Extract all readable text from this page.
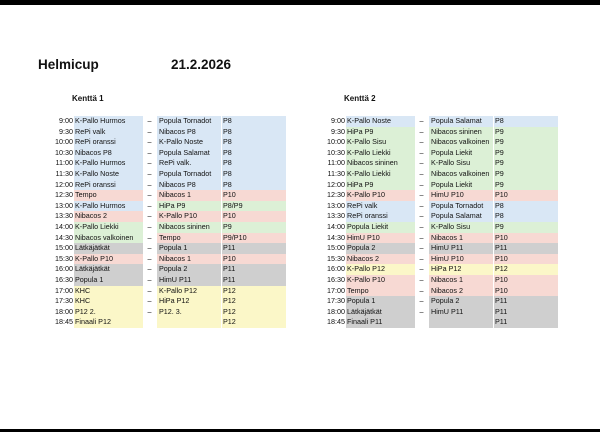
Helmicup	21.2.2026
Kenttä 1	Kenttä 2
9:00 K-Pallo Hurmos	–	Popula Tornadot	P8
9:30 RePi valk	–	Nibacos P8	P8
10:00 RePi oranssi	–	K-Pallo Noste	P8
10:30 Nibacos P8	–	Popula Salamat	P8
11:00 K-Pallo Hurmos	–	RePi valk.	P8
11:30 K-Pallo Noste	–	Popula Tornadot	P8
12:00 RePi oranssi	–	Nibacos P8	P8
12:30 Tempo	–	Nibacos 1	P10
13:00 K-Pallo Hurmos	–	HiPa P9	P8/P9
13:30 Nibacos 2	–	K-Pallo P10	P10
14:00 K-Pallo Liekki	–	Nibacos sininen	P9
14:30 Nibacos valkoinen	–	Tempo	P9/P10
15:00 Lätkäjätkät	–	Popula 1	P11
15:30 K-Pallo P10	–	Nibacos 1	P10
16:00 Lätkäjätkät	–	Popula 2	P11
16:30 Popula 1	–	HimU P11	P11
17:00 KHC	–	K-Pallo P12	P12
17:30 KHC	–	HiPa P12	P12
18:00 P12 2.	–	P12. 3.	P12
18:45 Finaali P12	P12
9:00 K-Pallo Noste	–	Popula Salamat	P8
9:30 HiPa P9	–	Nibacos sininen	P9
10:00 K-Pallo Sisu	–	Nibacos valkoinen P9
10:30 K-Pallo Liekki	–	Popula Liekit	P9
11:00 Nibacos sininen	–	K-Pallo Sisu	P9
11:30 K-Pallo Liekki	–	Nibacos valkoinen P9
12:00 HiPa P9	–	Popula Liekit	P9
12:30 K-Pallo P10	–	HimU P10	P10
13:00 RePi valk	–	Popula Tornadot	P8
13:30 RePi oranssi	–	Popula Salamat	P8
14:00 Popula Liekit	–	K-Pallo Sisu	P9
14:30 HimU P10	–	Nibacos 1	P10
15:00 Popula 2	–	HimU P11	P11
15:30 Nibacos 2	–	HimU P10	P10
16:00 K-Pallo P12	–	HiPa P12	P12
16:30 K-Pallo P10	–	Nibacos 1	P10
17:00 Tempo	–	Nibacos 2	P10
17:30 Popula 1	–	Popula 2	P11
18:00 Lätkäjätkät	–	HimU P11	P11
18:45 Finaali P11	P11
